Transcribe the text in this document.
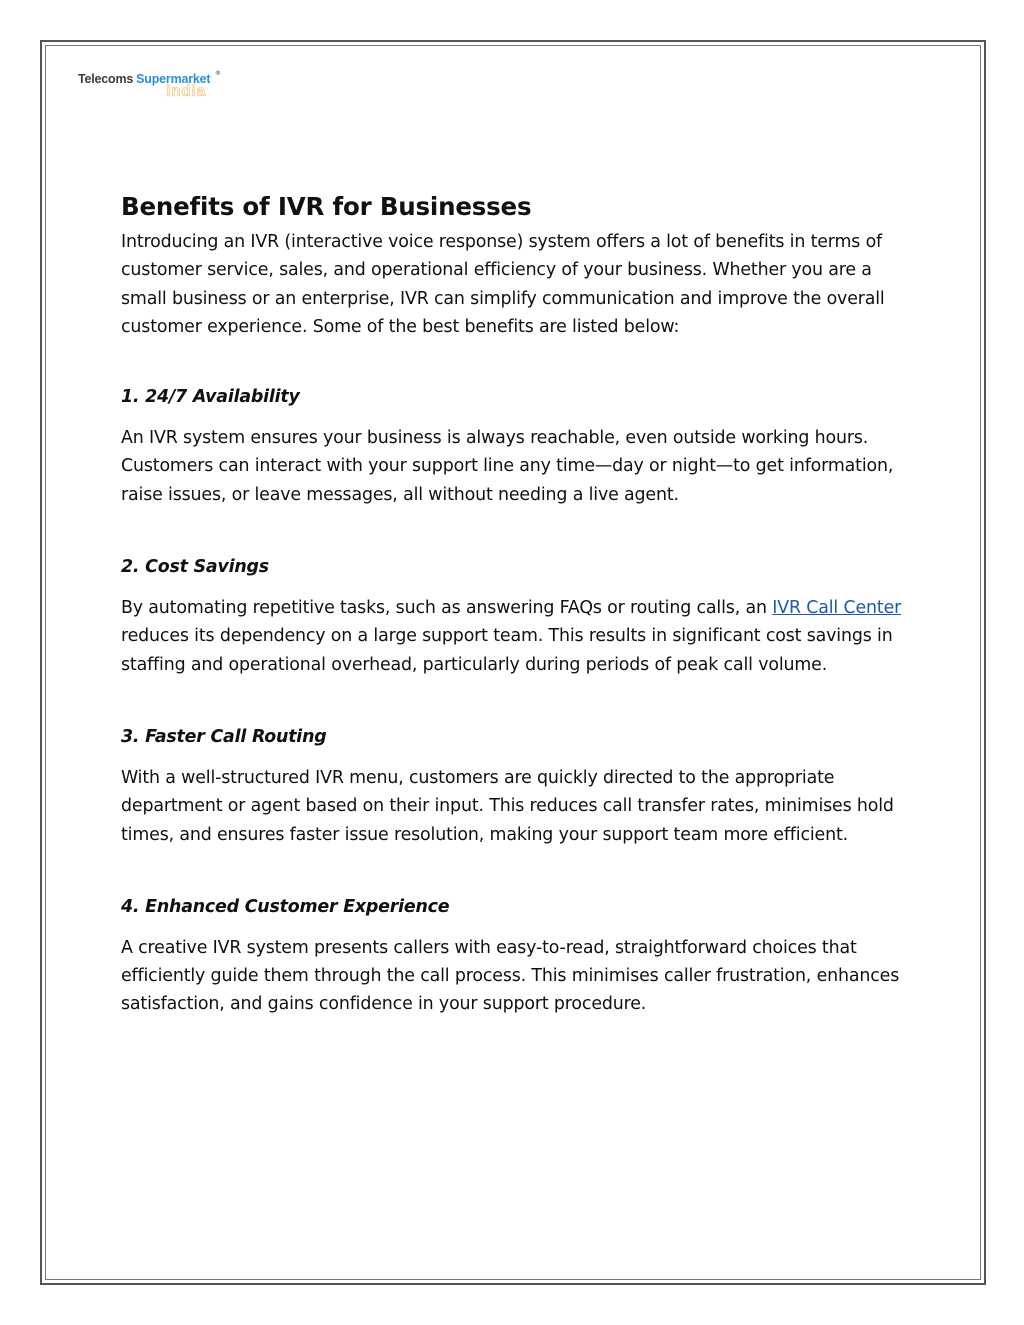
Telecoms Supermarket ®
india
Benefits of IVR for Businesses

Introducing an IVR (interactive voice response) system offers a lot of benefits in terms of customer service, sales, and operational efficiency of your business. Whether you are a small business or an enterprise, IVR can simplify communication and improve the overall customer experience. Some of the best benefits are listed below:

1. 24/7 Availability

An IVR system ensures your business is always reachable, even outside working hours. Customers can interact with your support line any time—day or night—to get information, raise issues, or leave messages, all without needing a live agent.

2. Cost Savings

By automating repetitive tasks, such as answering FAQs or routing calls, an IVR Call Center reduces its dependency on a large support team. This results in significant cost savings in staffing and operational overhead, particularly during periods of peak call volume.

3. Faster Call Routing

With a well-structured IVR menu, customers are quickly directed to the appropriate department or agent based on their input. This reduces call transfer rates, minimises hold times, and ensures faster issue resolution, making your support team more efficient.

4. Enhanced Customer Experience

A creative IVR system presents callers with easy-to-read, straightforward choices that efficiently guide them through the call process. This minimises caller frustration, enhances satisfaction, and gains confidence in your support procedure.
